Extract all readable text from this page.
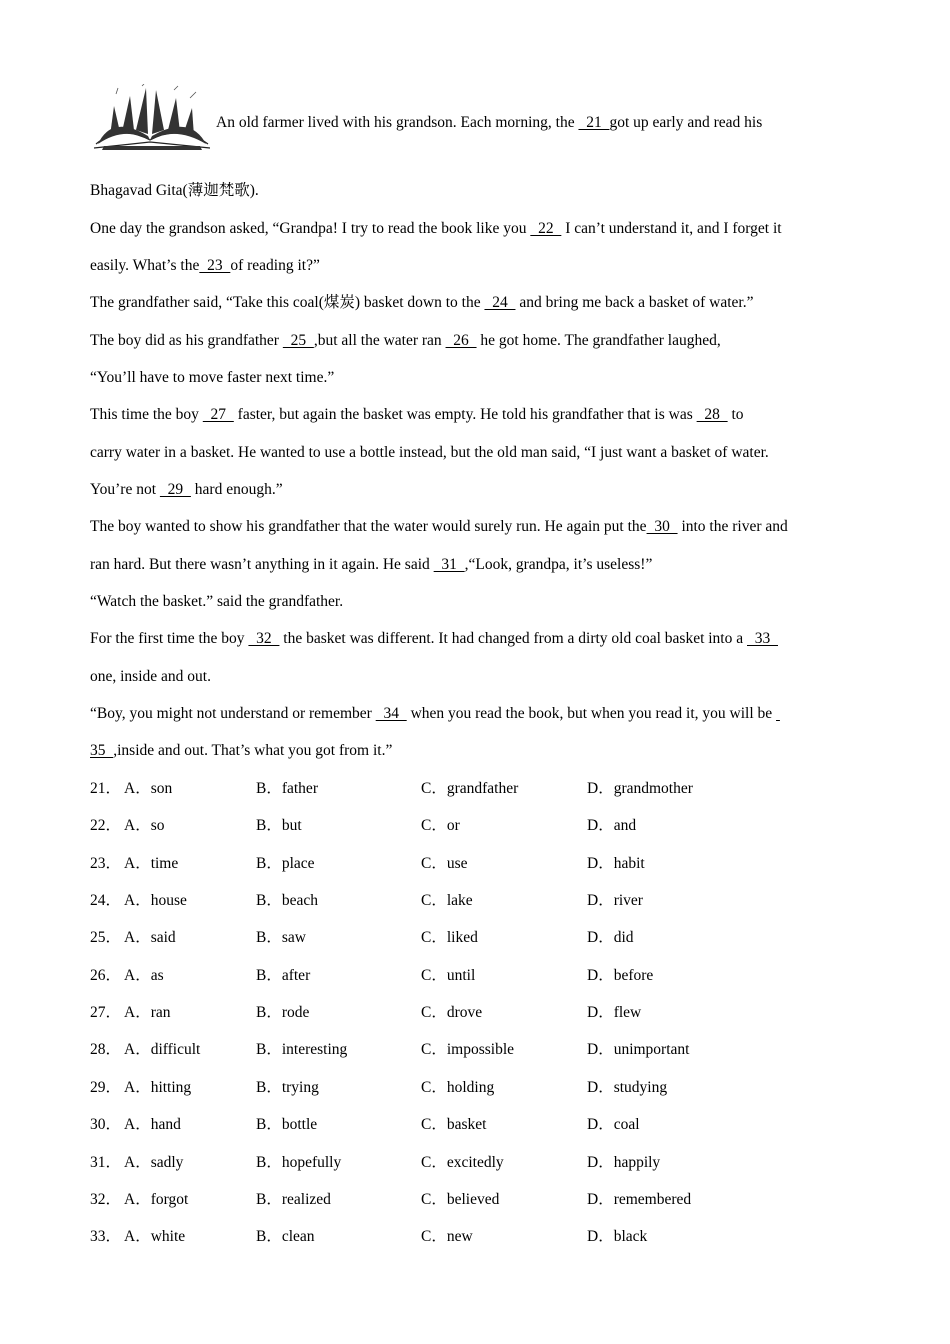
An old farmer lived with his grandson. Each morning, the   21  got up early and read his
Bhagavad Gita(薄迦梵歌).
One day the grandson asked, “Grandpa! I try to read the book like you   22   I can’t understand it, and I forget it
easily. What’s the  23  of reading it?”
The grandfather said, “Take this coal(煤炭) basket down to the   24   and bring me back a basket of water.”
The boy did as his grandfather   25  ,but all the water ran   26   he got home. The grandfather laughed,
“You’ll have to move faster next time.”
This time the boy   27   faster, but again the basket was empty. He told his grandfather that is was   28   to
carry water in a basket. He wanted to use a bottle instead, but the old man said, “I just want a basket of water.
You’re not   29   hard enough.”
The boy wanted to show his grandfather that the water would surely run. He again put the  30   into the river and
ran hard. But there wasn’t anything in it again. He said   31  ,“Look, grandpa, it’s useless!”
“Watch the basket.” said the grandfather.
For the first time the boy   32   the basket was different. It had changed from a dirty old coal basket into a   33
one, inside and out.
“Boy, you might not understand or remember   34   when you read the book, but when you read it, you will be
35  ,inside and out. That’s what you got from it.”
21． A．son	B．father	C．grandfather	D．grandmother
22． A．so	B．but	C．or	D．and
23． A．time	B．place	C．use	D．habit
24． A．house	B．beach	C．lake	D．river
25． A．said	B．saw	C．liked	D．did
26． A．as	B．after	C．until	D．before
27． A．ran	B．rode	C．drove	D．flew
28． A．difficult	B．interesting	C．impossible	D．unimportant
29． A．hitting	B．trying	C．holding	D．studying
30． A．hand	B．bottle	C．basket	D．coal
31． A．sadly	B．hopefully	C．excitedly	D．happily
32． A．forgot	B．realized	C．believed	D．remembered
33． A．white	B．clean	C．new	D．black
